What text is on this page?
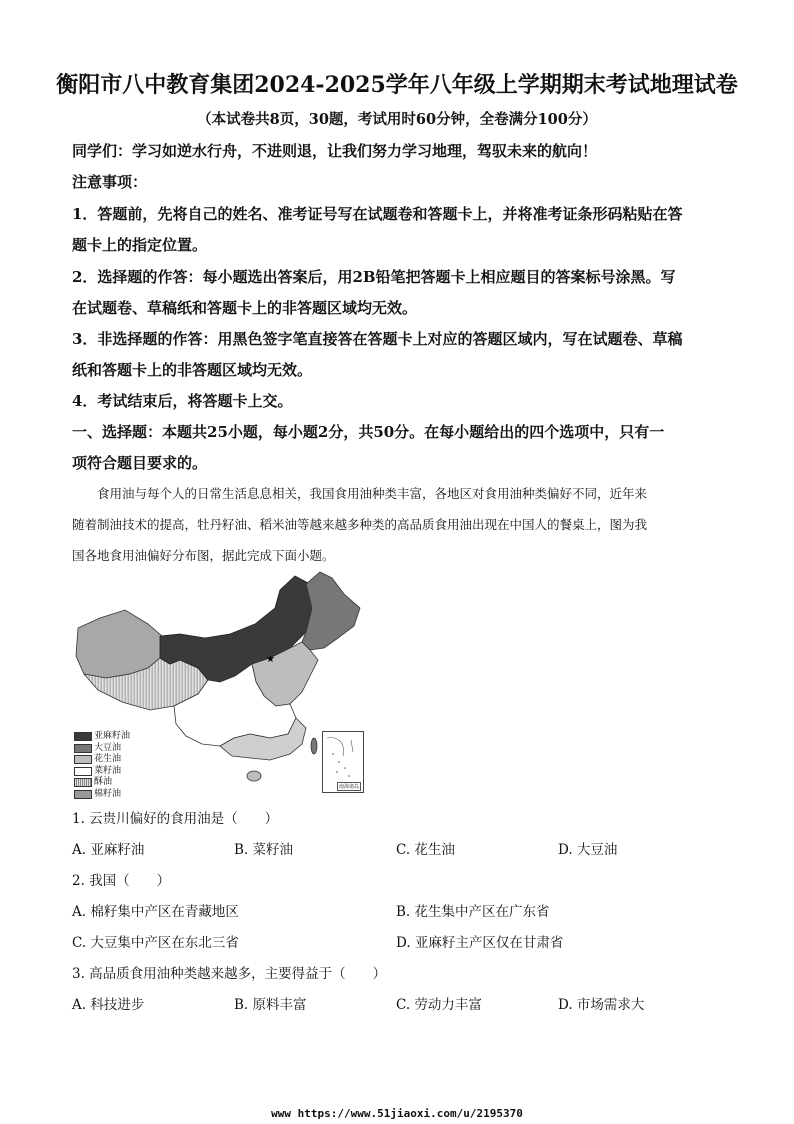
衡阳市八中教育集团2024-2025学年八年级上学期期末考试地理试卷
（本试卷共8页，30题，考试用时60分钟，全卷满分100分）
同学们：学习如逆水行舟，不进则退，让我们努力学习地理，驾驭未来的航向！
注意事项：
1．答题前，先将自己的姓名、准考证号写在试题卷和答题卡上，并将准考证条形码粘贴在答
题卡上的指定位置。
2．选择题的作答：每小题选出答案后，用2B铅笔把答题卡上相应题目的答案标号涂黑。写
在试题卷、草稿纸和答题卡上的非答题区域均无效。
3．非选择题的作答：用黑色签字笔直接答在答题卡上对应的答题区域内，写在试题卷、草稿
纸和答题卡上的非答题区域均无效。
4．考试结束后，将答题卡上交。
一、选择题：本题共25小题，每小题2分，共50分。在每小题给出的四个选项中，只有一
项符合题目要求的。
　　食用油与每个人的日常生活息息相关，我国食用油种类丰富，各地区对食用油种类偏好不同，近年来
随着制油技术的提高，牡丹籽油、稻米油等越来越多种类的高品质食用油出现在中国人的餐桌上，图为我
国各地食用油偏好分布图，据此完成下面小题。
★
亚麻籽油
大豆油
花生油
菜籽油
酥油
棉籽油
南海诸岛
1. 云贵川偏好的食用油是（　　）
A. 亚麻籽油	B. 菜籽油	C. 花生油	D. 大豆油
2. 我国（　　）
A. 棉籽集中产区在青藏地区	B. 花生集中产区在广东省
C. 大豆集中产区在东北三省	D. 亚麻籽主产区仅在甘肃省
3. 高品质食用油种类越来越多，主要得益于（　　）
A. 科技进步	B. 原料丰富	C. 劳动力丰富	D. 市场需求大
www https://www.51jiaoxi.com/u/2195370
